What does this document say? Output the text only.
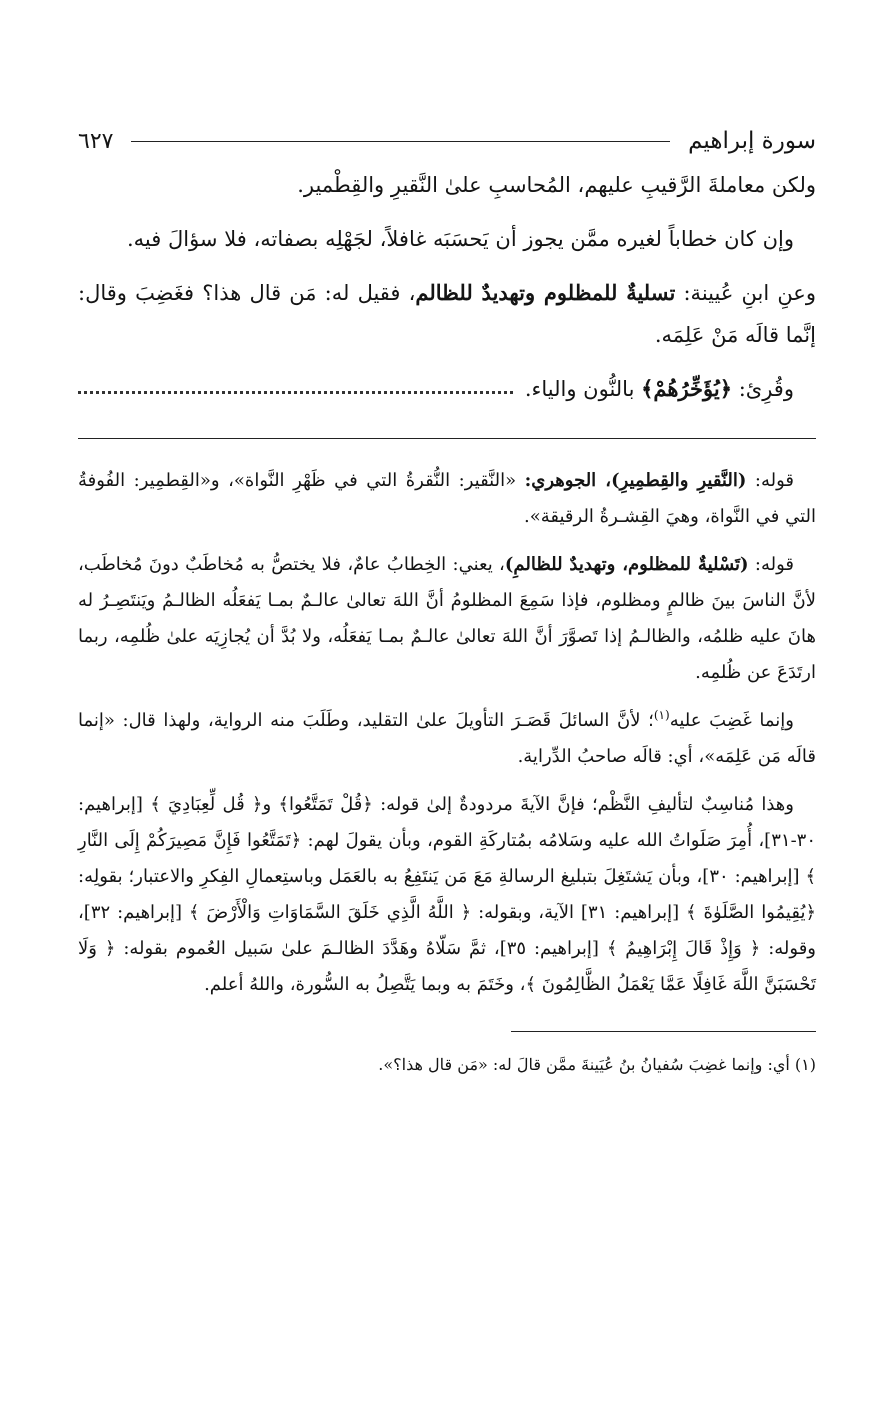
سورة إبراهيم
٦٢٧

ولكن معاملةَ الرَّقيبِ عليهم، المُحاسبِ علىٰ النَّقيرِ والقِطْمير.

وإن كان خطاباً لغيره ممَّن يجوز أن يَحسَبَه غافلاً، لجَهْلِه بصفاته، فلا سؤالَ فيه.

وعنِ ابنِ عُيينة: تسليةٌ للمظلوم وتهديدٌ للظالم، فقيل له: مَن قال هذا؟ فغَضِبَ وقال: إنَّما قالَه مَنْ عَلِمَه.

وقُرِئ: ﴿يُؤَخِّرُهُمْ﴾ بالنُّون والياء.

قوله: (النَّقيرِ والقِطمِيرِ)، الجوهري: «النَّقير: النُّقرةُ التي في ظَهْرِ النَّواة»، و«القِطمِير: الفُوفةُ التي في النَّواة، وهيَ القِشـرةُ الرقيقة».

قوله: (تَسْليةٌ للمظلوم، وتهديدٌ للظالمِ)، يعني: الخِطابُ عامٌ، فلا يختصُّ به مُخاطَبٌ دونَ مُخاطَب، لأنَّ الناسَ بينَ ظالمٍ ومظلوم، فإذا سَمِعَ المظلومُ أنَّ اللهَ تعالىٰ عالـمٌ بمـا يَفعَلُه الظالـمُ ويَنتَصِـرُ له هانَ عليه ظلمُه، والظالـمُ إذا تَصوَّرَ أنَّ اللهَ تعالىٰ عالـمٌ بمـا يَفعَلُه، ولا بُدَّ أن يُجازِيَه علىٰ ظُلمِه، ربما ارتَدَعَ عن ظُلمِه.

وإنما غَضِبَ عليه$^{(١)}$؛ لأنَّ السائلَ قَصَـرَ التأويلَ علىٰ التقليد، وطَلَبَ منه الرواية، ولهذا قال: «إنما قالَه مَن عَلِمَه»، أي: قالَه صاحبُ الدِّراية.

وهذا مُناسِبٌ لتأليفِ النَّظْم؛ فإنَّ الآيةَ مردودةٌ إلىٰ قوله: ﴿قُلْ تَمَتَّعُوا﴾ و﴿ قُل لِّعِبَادِيَ ﴾ [إبراهيم: ٣٠-٣١]، أُمِرَ صَلَواتُ الله عليه وسَلامُه بمُتاركَةِ القوم، وبأن يقولَ لهم: ﴿تَمَتَّعُوا فَإِنَّ مَصِيرَكُمْ إِلَى النَّارِ ﴾ [إبراهيم: ٣٠]، وبأن يَشتَغِلَ بتبليغ الرسالةِ مَعَ مَن يَنتَفِعُ به بالعَمَل وباستِعمالِ الفِكرِ والاعتبار؛ بقولِه: ﴿يُقِيمُوا الصَّلَوٰةَ ﴾ [إبراهيم: ٣١] الآية، وبقوله: ﴿ اللَّهُ الَّذِي خَلَقَ السَّمَاوَاتِ وَالْأَرْضَ ﴾ [إبراهيم: ٣٢]، وقوله: ﴿ وَإِذْ قَالَ إِبْرَاهِيمُ ﴾ [إبراهيم: ٣٥]، ثمَّ سَلّاهُ وهَدَّدَ الظالـمَ علىٰ سَبيل العُموم بقوله: ﴿ وَلَا تَحْسَبَنَّ اللَّهَ غَافِلًا عَمَّا يَعْمَلُ الظَّالِمُونَ ﴾، وخَتَمَ به وبما يَتَّصِلُ به السُّورة، واللهُ أعلم.

(١) أي: وإنما غضِبَ سُفيانُ بنُ عُيَينةَ ممَّن قالَ له: «مَن قال هذا؟».
